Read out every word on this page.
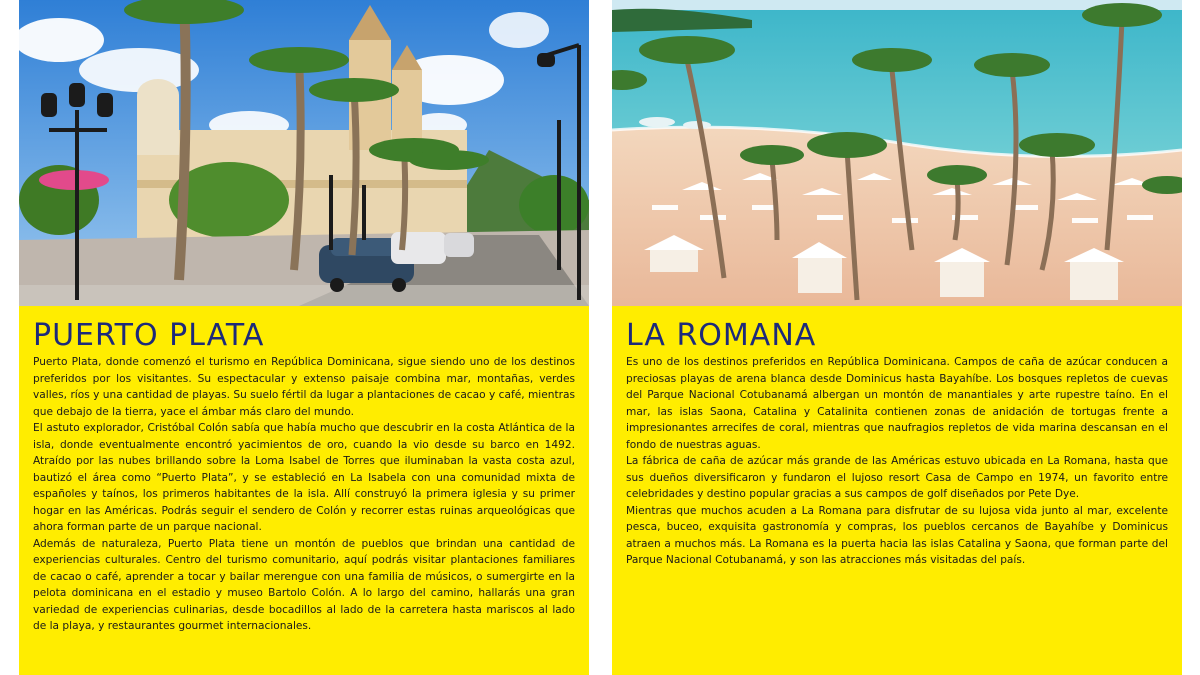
PUERTO PLATA

Puerto Plata, donde comenzó el turismo en República Dominicana, sigue siendo uno de los destinos preferidos por los visitantes. Su espectacular y extenso paisaje combina mar, montañas, verdes valles, ríos y una cantidad de playas. Su suelo fértil da lugar a plantaciones de cacao y café, mientras que debajo de la tierra, yace el ámbar más claro del mundo.

El astuto explorador, Cristóbal Colón sabía que había mucho que descubrir en la costa Atlántica de la isla, donde eventualmente encontró yacimientos de oro, cuando la vio desde su barco en 1492. Atraído por las nubes brillando sobre la Loma Isabel de Torres que iluminaban la vasta costa azul, bautizó el área como “Puerto Plata”, y se estableció en La Isabela con una comunidad mixta de españoles y taínos, los primeros habitantes de la isla. Allí construyó la primera iglesia y su primer hogar en las Américas. Podrás seguir el sendero de Colón y recorrer estas ruinas arqueológicas que ahora forman parte de un parque nacional.

Además de naturaleza, Puerto Plata tiene un montón de pueblos que brindan una cantidad de experiencias culturales. Centro del turismo comunitario, aquí podrás visitar plantaciones familiares de cacao o café, aprender a tocar y bailar merengue con una familia de músicos, o sumergirte en la pelota dominicana en el estadio y museo Bartolo Colón. A lo largo del camino, hallarás una gran variedad de experiencias culinarias, desde bocadillos al lado de la carretera hasta mariscos al lado de la playa, y restaurantes gourmet internacionales.

LA ROMANA

Es uno de los destinos preferidos en República Dominicana. Campos de caña de azúcar conducen a preciosas playas de arena blanca desde Dominicus hasta Bayahíbe. Los bosques repletos de cuevas del Parque Nacional Cotubanamá albergan un montón de manantiales y arte rupestre taíno. En el mar, las islas Saona, Catalina y Catalinita contienen zonas de anidación de tortugas frente a impresionantes arrecifes de coral, mientras que naufragios repletos de vida marina descansan en el fondo de nuestras aguas.

La fábrica de caña de azúcar más grande de las Américas estuvo ubicada en La Romana, hasta que sus dueños diversificaron y fundaron el lujoso resort Casa de Campo en 1974, un favorito entre celebridades y destino popular gracias a sus campos de golf diseñados por Pete Dye.

Mientras que muchos acuden a La Romana para disfrutar de su lujosa vida junto al mar, excelente pesca, buceo, exquisita gastronomía y compras, los pueblos cercanos de Bayahíbe y Dominicus atraen a muchos más. La Romana es la puerta hacia las islas Catalina y Saona, que forman parte del Parque Nacional Cotubanamá, y son las atracciones más visitadas del país.
